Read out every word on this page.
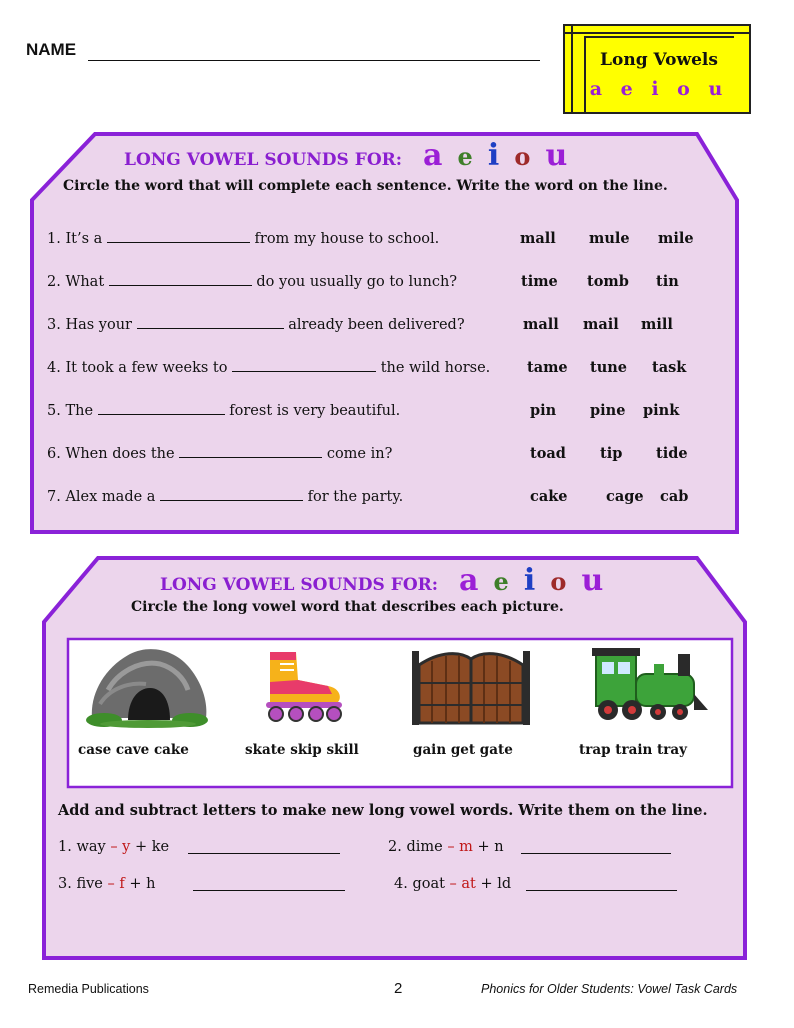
NAME
Long Vowels
a e i o u
LONG VOWEL SOUNDS FOR: a e i o u
Circle the word that will complete each sentence. Write the word on the line.
1. It’s a	from my house to school.	mall mule mile
2. What	do you usually go to lunch?	time tomb tin
3. Has your	already been delivered?	mall mail mill
4. It took a few weeks to	the wild horse.	tame tune task
5. The	forest is very beautiful.	pin pine pink
6. When does the	come in?	toad tip tide
7. Alex made a	for the party.	cake	cage cab
LONG VOWEL SOUNDS FOR: a e i o u
Circle the long vowel word that describes each picture.
case cave cake	skate skip skill	gain get gate	trap train tray
Add and subtract letters to make new long vowel words. Write them on the line.
1. way – y + ke	2. dime – m + n
3. five – f + h	4. goat – at + ld
Remedia Publications	2	Phonics for Older Students: Vowel Task Cards
